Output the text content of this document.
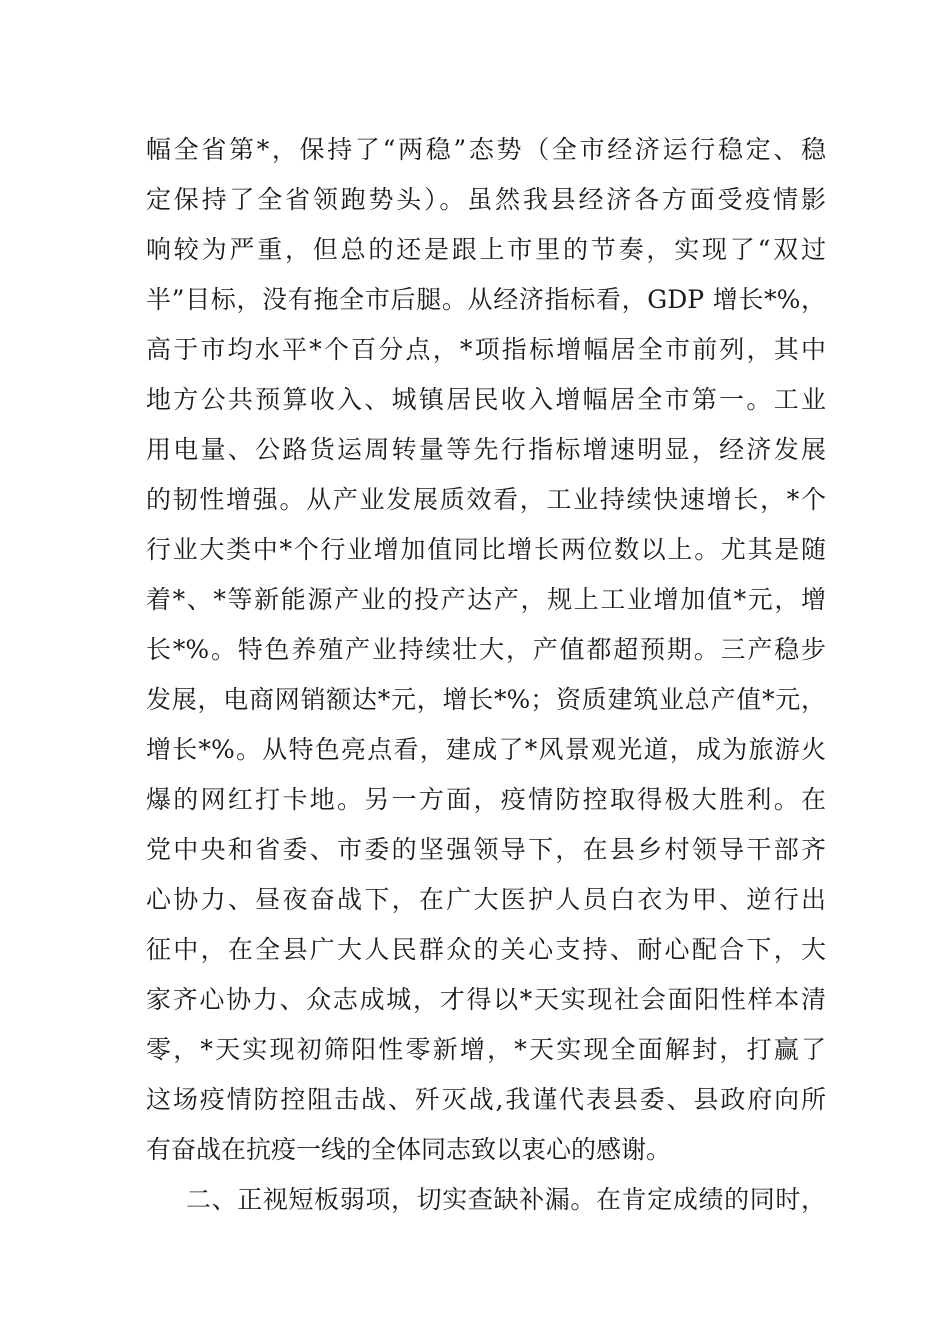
幅全省第*，保持了“两稳”态势（全市经济运行稳定、稳
定保持了全省领跑势头）。虽然我县经济各方面受疫情影
响较为严重，但总的还是跟上市里的节奏，实现了“双过
半”目标，没有拖全市后腿。从经济指标看，GDP 增长*%，
高于市均水平*个百分点，*项指标增幅居全市前列，其中
地方公共预算收入、城镇居民收入增幅居全市第一。工业
用电量、公路货运周转量等先行指标增速明显，经济发展
的韧性增强。从产业发展质效看，工业持续快速增长，*个
行业大类中*个行业增加值同比增长两位数以上。尤其是随
着*、*等新能源产业的投产达产，规上工业增加值*元，增
长*%。特色养殖产业持续壮大，产值都超预期。三产稳步
发展，电商网销额达*元，增长*%；资质建筑业总产值*元，
增长*%。从特色亮点看，建成了*风景观光道，成为旅游火
爆的网红打卡地。另一方面，疫情防控取得极大胜利。在
党中央和省委、市委的坚强领导下，在县乡村领导干部齐
心协力、昼夜奋战下，在广大医护人员白衣为甲、逆行出
征中，在全县广大人民群众的关心支持、耐心配合下，大
家齐心协力、众志成城，才得以*天实现社会面阳性样本清
零，*天实现初筛阳性零新增，*天实现全面解封，打赢了
这场疫情防控阻击战、歼灭战,我谨代表县委、县政府向所
有奋战在抗疫一线的全体同志致以衷心的感谢。
二、正视短板弱项，切实查缺补漏。在肯定成绩的同时，
